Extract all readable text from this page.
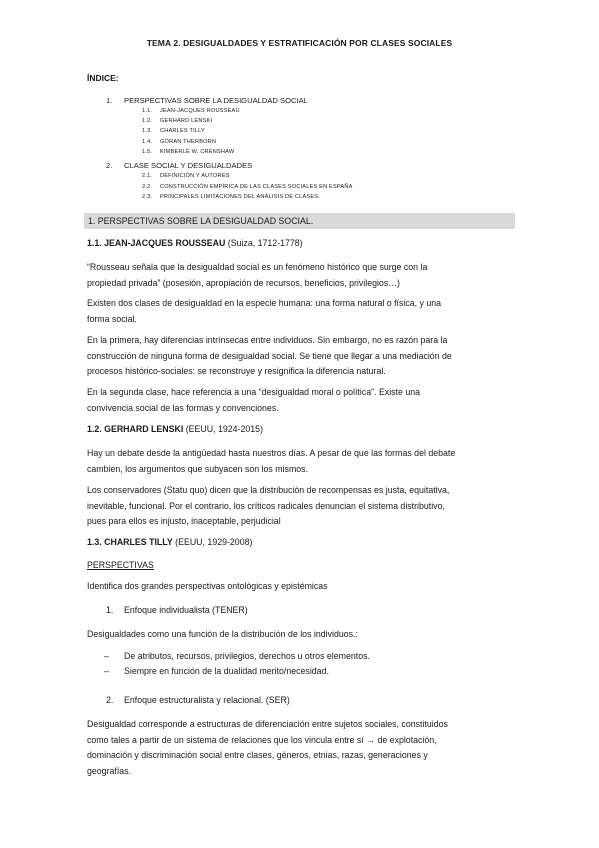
TEMA 2. DESIGUALDADES Y ESTRATIFICACIÓN POR CLASES SOCIALES
ÍNDICE:
1. PERSPECTIVAS SOBRE LA DESIGUALDAD SOCIAL
1.1. JEAN-JACQUES ROUSSEAU
1.2. GERHARD LENSKI
1.3. CHARLES TILLY
1.4. GÖRAN THERBORN
1.5. KIMBERLÉ W. CRENSHAW
2. CLASE SOCIAL Y DESIGUALDADES
2.1. DEFINICIÓN Y AUTORES
2.2. CONSTRUCCIÓN EMPÍRICA DE LAS CLASES SOCIALES EN ESPAÑA
2.3. PRINCIPALES LIMITACIONES DEL ANÁLISIS DE CLASES.
1. PERSPECTIVAS SOBRE LA DESIGUALDAD SOCIAL.
1.1. JEAN-JACQUES ROUSSEAU (Suiza, 1712-1778)
“Rousseau señala que la desigualdad social es un fenómeno histórico que surge con la
propiedad privada” (posesión, apropiación de recursos, beneficios, privilegios…)
Existen dos clases de desigualdad en la especie humana: una forma natural o física, y una
forma social.
En la primera, hay diferencias intrínsecas entre individuos. Sin embargo, no es razón para la
construcción de ninguna forma de desigualdad social. Se tiene que llegar a una mediación de
procesos histórico-sociales: se reconstruye y resignifica la diferencia natural.
En la segunda clase, hace referencia a una “desigualdad moral o política”. Existe una
convivencia social de las formas y convenciones.
1.2. GERHARD LENSKI (EEUU, 1924-2015)
Hay un debate desde la antigüedad hasta nuestros días. A pesar de que las formas del debate
cambien, los argumentos que subyacen son los mismos.
Los conservadores (Statu quo) dicen que la distribución de recompensas es justa, equitativa,
inevitable, funcional. Por el contrario, los críticos radicales denuncian el sistema distributivo,
pues para ellos es injusto, inaceptable, perjudicial
1.3. CHARLES TILLY (EEUU, 1929-2008)
PERSPECTIVAS
Identifica dos grandes perspectivas ontológicas y epistémicas
1. Enfoque individualista (TENER)
Desigualdades como una función de la distribución de los individuos.:
– De atributos, recursos, privilegios, derechos u otros elementos.
– Siempre en función de la dualidad merito/necesidad.
2. Enfoque estructuralista y relacional. (SER)
Desigualdad corresponde a estructuras de diferenciación entre sujetos sociales, constituidos
como tales a partir de un sistema de relaciones que los vincula entre sí → de explotación,
dominación y discriminación social entre clases, géneros, etnias, razas, generaciones y
geografías.
